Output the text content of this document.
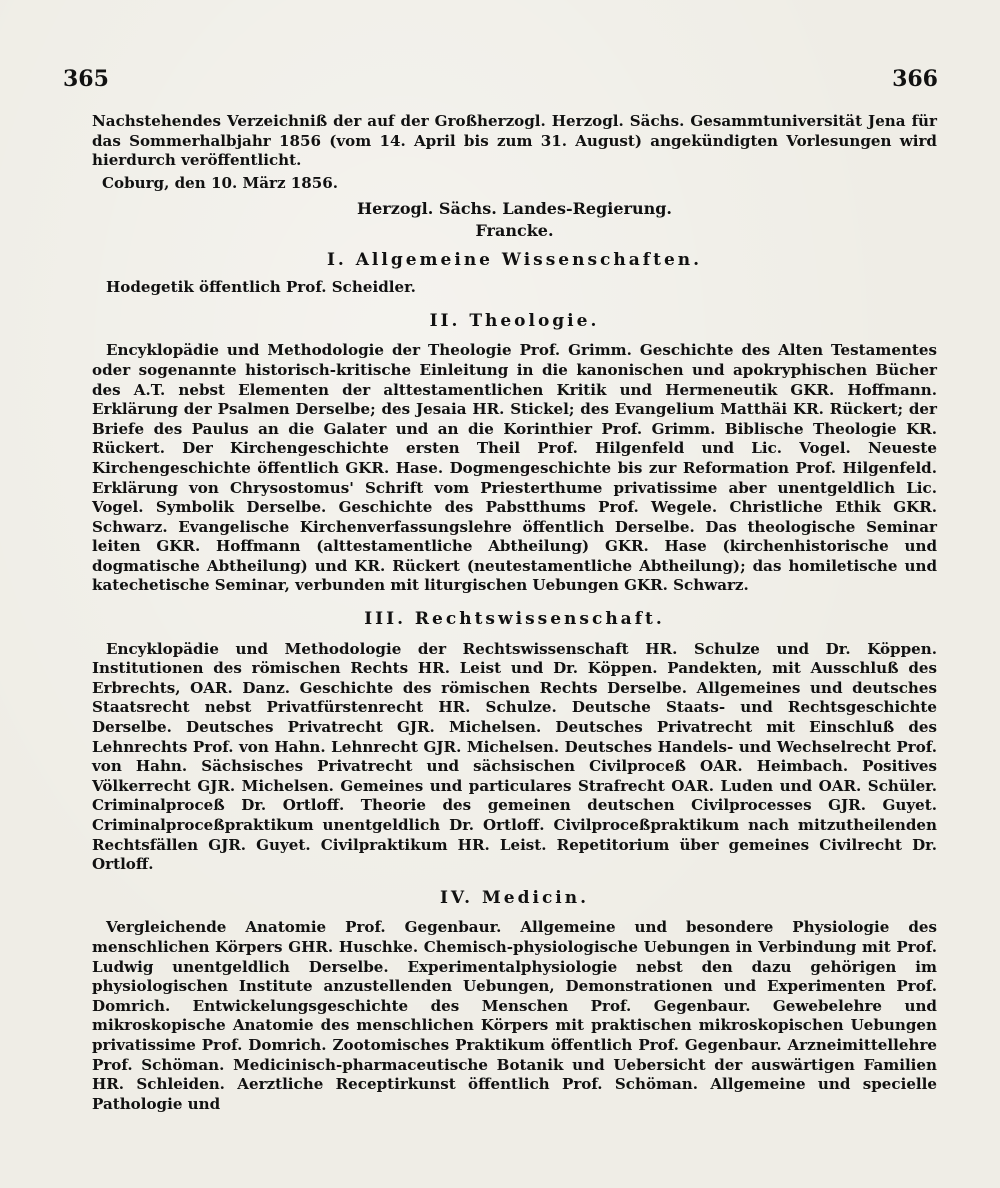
365	366

Nachstehendes Verzeichniß der auf der Großherzogl. Herzogl. Sächs. Gesammtuniversität Jena für das Sommerhalbjahr 1856 (vom 14. April bis zum 31. August) angekündigten Vorlesungen wird hierdurch veröffentlicht.

Coburg, den 10. März 1856.

Herzogl. Sächs. Landes-Regierung.
Francke.
I. Allgemeine Wissenschaften.

Hodegetik öffentlich Prof. Scheidler.

II. Theologie.

Encyklopädie und Methodologie der Theologie Prof. Grimm. Geschichte des Alten Testamentes oder sogenannte historisch-kritische Einleitung in die kanonischen und apokryphischen Bücher des A.T. nebst Elementen der alttestamentlichen Kritik und Hermeneutik GKR. Hoffmann. Erklärung der Psalmen Derselbe; des Jesaia HR. Stickel; des Evangelium Matthäi KR. Rückert; der Briefe des Paulus an die Galater und an die Korinthier Prof. Grimm. Biblische Theologie KR. Rückert. Der Kirchengeschichte ersten Theil Prof. Hilgenfeld und Lic. Vogel. Neueste Kirchengeschichte öffentlich GKR. Hase. Dogmengeschichte bis zur Reformation Prof. Hilgenfeld. Erklärung von Chrysostomus' Schrift vom Priesterthume privatissime aber unentgeldlich Lic. Vogel. Symbolik Derselbe. Geschichte des Pabstthums Prof. Wegele. Christliche Ethik GKR. Schwarz. Evangelische Kirchenverfassungslehre öffentlich Derselbe. Das theologische Seminar leiten GKR. Hoffmann (alttestamentliche Abtheilung) GKR. Hase (kirchenhistorische und dogmatische Abtheilung) und KR. Rückert (neutestamentliche Abtheilung); das homiletische und katechetische Seminar, verbunden mit liturgischen Uebungen GKR. Schwarz.

III. Rechtswissenschaft.

Encyklopädie und Methodologie der Rechtswissenschaft HR. Schulze und Dr. Köppen. Institutionen des römischen Rechts HR. Leist und Dr. Köppen. Pandekten, mit Ausschluß des Erbrechts, OAR. Danz. Geschichte des römischen Rechts Derselbe. Allgemeines und deutsches Staatsrecht nebst Privatfürstenrecht HR. Schulze. Deutsche Staats- und Rechtsgeschichte Derselbe. Deutsches Privatrecht GJR. Michelsen. Deutsches Privatrecht mit Einschluß des Lehnrechts Prof. von Hahn. Lehnrecht GJR. Michelsen. Deutsches Handels- und Wechselrecht Prof. von Hahn. Sächsisches Privatrecht und sächsischen Civilproceß OAR. Heimbach. Positives Völkerrecht GJR. Michelsen. Gemeines und particulares Strafrecht OAR. Luden und OAR. Schüler. Criminalproceß Dr. Ortloff. Theorie des gemeinen deutschen Civilprocesses GJR. Guyet. Criminalproceßpraktikum unentgeldlich Dr. Ortloff. Civilproceßpraktikum nach mitzutheilenden Rechtsfällen GJR. Guyet. Civilpraktikum HR. Leist. Repetitorium über gemeines Civilrecht Dr. Ortloff.

IV. Medicin.

Vergleichende Anatomie Prof. Gegenbaur. Allgemeine und besondere Physiologie des menschlichen Körpers GHR. Huschke. Chemisch-physiologische Uebungen in Verbindung mit Prof. Ludwig unentgeldlich Derselbe. Experimentalphysiologie nebst den dazu gehörigen im physiologischen Institute anzustellenden Uebungen, Demonstrationen und Experimenten Prof. Domrich. Entwickelungsgeschichte des Menschen Prof. Gegenbaur. Gewebelehre und mikroskopische Anatomie des menschlichen Körpers mit praktischen mikroskopischen Uebungen privatissime Prof. Domrich. Zootomisches Praktikum öffentlich Prof. Gegenbaur. Arzneimittellehre Prof. Schöman. Medicinisch-pharmaceutische Botanik und Uebersicht der auswärtigen Familien HR. Schleiden. Aerztliche Receptirkunst öffentlich Prof. Schöman. Allgemeine und specielle Pathologie und
